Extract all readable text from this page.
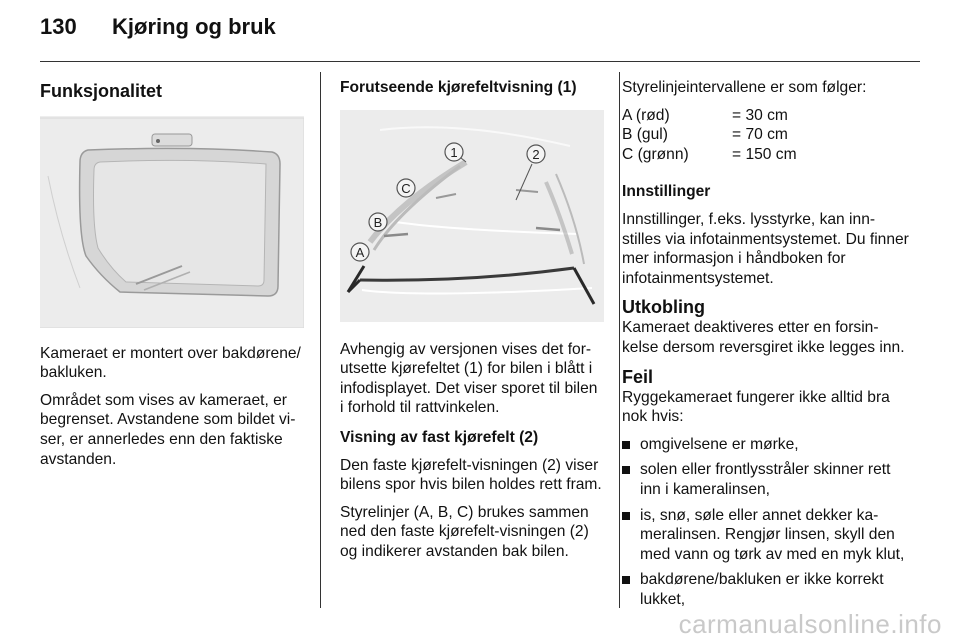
130 Kjøring og bruk
Funksjonalitet

Kameraet er montert over bakdørene/ bakluken.

Området som vises av kameraet, er begrenset. Avstandene som bildet vi- ser, er annerledes enn den faktiske avstanden.

Forutseende kjørefeltvisning (1)

1	2
C
B
A

Avhengig av versjonen vises det for- utsette kjørefeltet (1) for bilen i blått i infodisplayet. Det viser sporet til bilen i forhold til rattvinkelen.

Visning av fast kjørefelt (2)

Den faste kjørefelt-visningen (2) viser bilens spor hvis bilen holdes rett fram.

Styrelinjer (A, B, C) brukes sammen ned den faste kjørefelt-visningen (2) og indikerer avstanden bak bilen.

Styrelinjeintervallene er som følger:

A (rød)	= 30 cm
B (gul)	= 70 cm
C (grønn)	= 150 cm

Innstillinger

Innstillinger, f.eks. lysstyrke, kan inn- stilles via infotainmentsystemet. Du finner mer informasjon i håndboken for infotainmentsystemet.

Utkobling

Kameraet deaktiveres etter en forsin- kelse dersom reversgiret ikke legges inn.

Feil

Ryggekameraet fungerer ikke alltid bra nok hvis:

omgivelsene er mørke,
solen eller frontlysstråler skinner rett inn i kameralinsen,
is, snø, søle eller annet dekker ka- meralinsen. Rengjør linsen, skyll den med vann og tørk av med en myk klut,
bakdørene/bakluken er ikke korrekt lukket,
carmanualsonline.info
